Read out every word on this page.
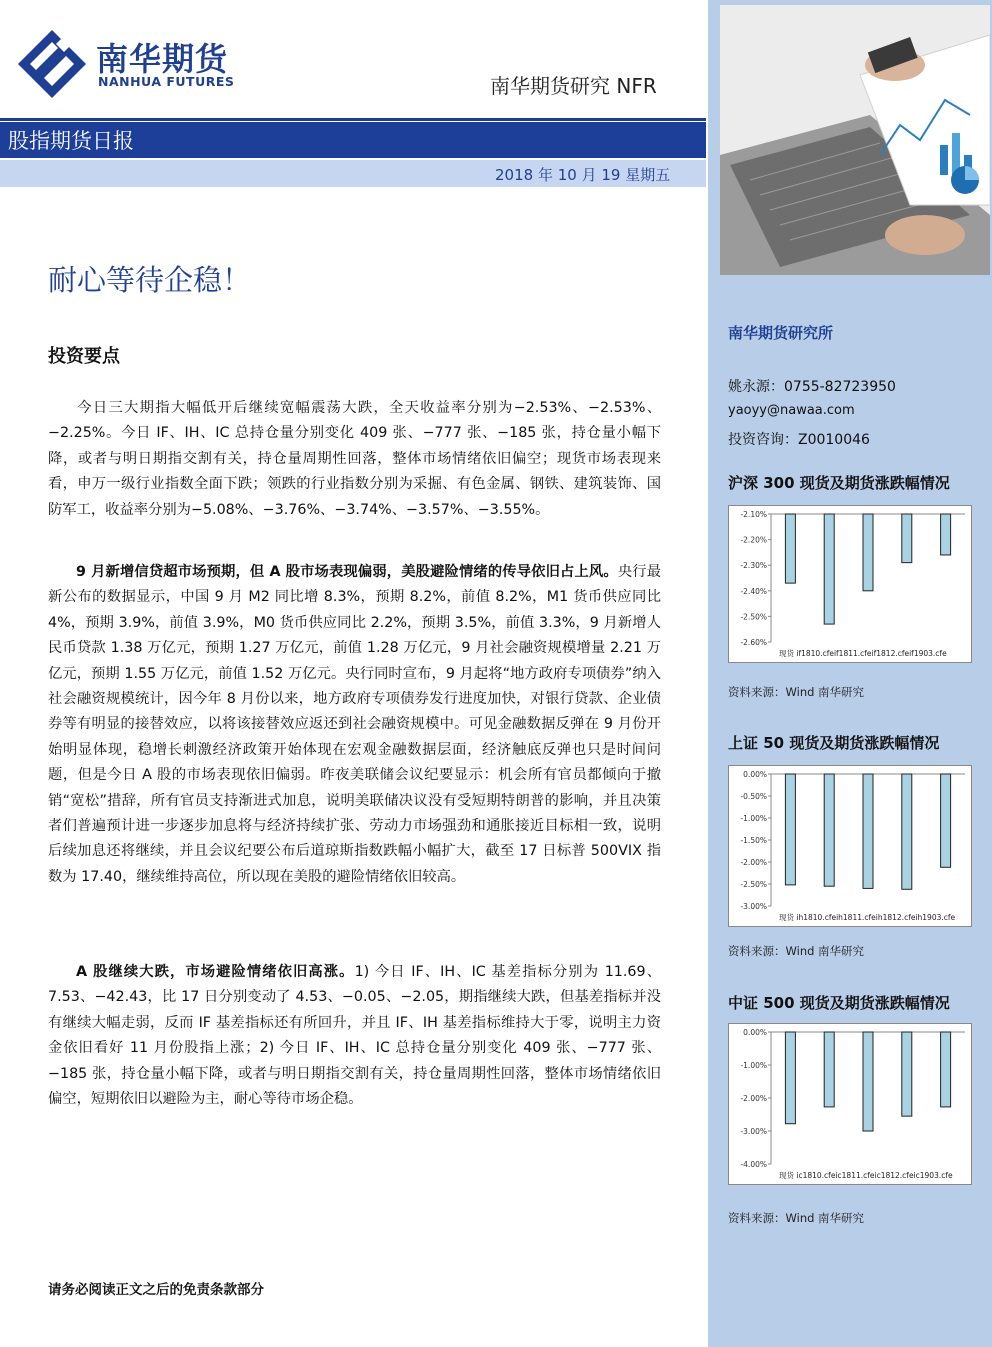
南华期货
NANHUA FUTURES	南华期货研究 NFR
股指期货日报
2018 年 10 月 19 星期五
耐心等待企稳！
投资要点

今日三大期指大幅低开后继续宽幅震荡大跌，全天收益率分别为−2.53%、−2.53%、−2.25%。今日 IF、IH、IC 总持仓量分别变化 409 张、−777 张、−185 张，持仓量小幅下降，或者与明日期指交割有关，持仓量周期性回落，整体市场情绪依旧偏空；现货市场表现来看，申万一级行业指数全面下跌；领跌的行业指数分别为采掘、有色金属、钢铁、建筑装饰、国防军工，收益率分别为−5.08%、−3.76%、−3.74%、−3.57%、−3.55%。

9 月新增信贷超市场预期，但 A 股市场表现偏弱，美股避险情绪的传导依旧占上风。央行最新公布的数据显示，中国 9 月 M2 同比增 8.3%，预期 8.2%，前值 8.2%，M1 货币供应同比 4%，预期 3.9%，前值 3.9%，M0 货币供应同比 2.2%，预期 3.5%，前值 3.3%，9 月新增人民币贷款 1.38 万亿元，预期 1.27 万亿元，前值 1.28 万亿元，9 月社会融资规模增量 2.21 万亿元，预期 1.55 万亿元，前值 1.52 万亿元。央行同时宣布，9 月起将“地方政府专项债券”纳入社会融资规模统计，因今年 8 月份以来，地方政府专项债券发行进度加快，对银行贷款、企业债券等有明显的接替效应，以将该接替效应返还到社会融资规模中。可见金融数据反弹在 9 月份开始明显体现，稳增长刺激经济政策开始体现在宏观金融数据层面，经济触底反弹也只是时间问题，但是今日 A 股的市场表现依旧偏弱。昨夜美联储会议纪要显示：机会所有官员都倾向于撤销“宽松”措辞，所有官员支持渐进式加息，说明美联储决议没有受短期特朗普的影响，并且决策者们普遍预计进一步逐步加息将与经济持续扩张、劳动力市场强劲和通胀接近目标相一致，说明后续加息还将继续，并且会议纪要公布后道琼斯指数跌幅小幅扩大，截至 17 日标普 500VIX 指数为 17.40，继续维持高位，所以现在美股的避险情绪依旧较高。

A 股继续大跌，市场避险情绪依旧高涨。1) 今日 IF、IH、IC 基差指标分别为 11.69、7.53、−42.43，比 17 日分别变动了 4.53、−0.05、−2.05，期指继续大跌，但基差指标并没有继续大幅走弱，反而 IF 基差指标还有所回升，并且 IF、IH 基差指标维持大于零，说明主力资金依旧看好 11 月份股指上涨；2) 今日 IF、IH、IC 总持仓量分别变化 409 张、−777 张、−185 张，持仓量小幅下降，或者与明日期指交割有关，持仓量周期性回落，整体市场情绪依旧偏空，短期依旧以避险为主，耐心等待市场企稳。

请务必阅读正文之后的免责条款部分
南华期货研究所
姚永源：0755-82723950
yaoyy@nawaa.com
投资咨询：Z0010046
沪深 300 现货及期货涨跌幅情况
-2.10%
-2.20%
-2.30%
-2.40%
-2.50%
-2.60%
现货 if1810.cfeif1811.cfeif1812.cfeif1903.cfe
资料来源：Wind 南华研究
上证 50 现货及期货涨跌幅情况
0.00%
-0.50%
-1.00%
-1.50%
-2.00%
-2.50%
-3.00%
现货 ih1810.cfeih1811.cfeih1812.cfeih1903.cfe
资料来源：Wind 南华研究
中证 500 现货及期货涨跌幅情况
0.00%
-1.00%
-2.00%
-3.00%
-4.00%
现货 ic1810.cfeic1811.cfeic1812.cfeic1903.cfe
资料来源：Wind 南华研究
